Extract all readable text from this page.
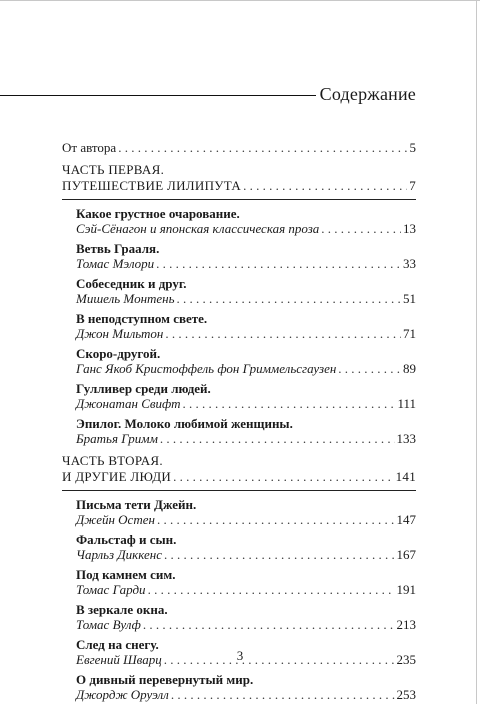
Содержание
От автора . . .	5
ЧАСТЬ ПЕРВАЯ.
ПУТЕШЕСТВИЕ ЛИЛИПУТА . . .	7
Какое грустное очарование.
Сэй-Сёнагон и японская классическая проза . . .	13
Ветвь Грааля.
Томас Мэлори . . .	33
Собеседник и друг.
Мишель Монтень . . .	51
В неподступном свете.
Джон Мильтон . . .	71
Скоро-другой.
Ганс Якоб Кристоффель фон Гриммельсгаузен . . .	89
Гулливер среди людей.
Джонатан Свифт . . .	111
Эпилог. Молоко любимой женщины.
Братья Гримм . . .	133
ЧАСТЬ ВТОРАЯ.
И ДРУГИЕ ЛЮДИ . . .	141
Письма тети Джейн.
Джейн Остен . . .	147
Фальстаф и сын.
Чарльз Диккенс . . .	167
Под камнем сим.
Томас Гарди . . .	191
В зеркале окна.
Томас Вулф . . .	213
След на снегу.
Евгений Шварц . . .	235
О дивный перевернутый мир.
Джордж Оруэлл . . .	253
3
